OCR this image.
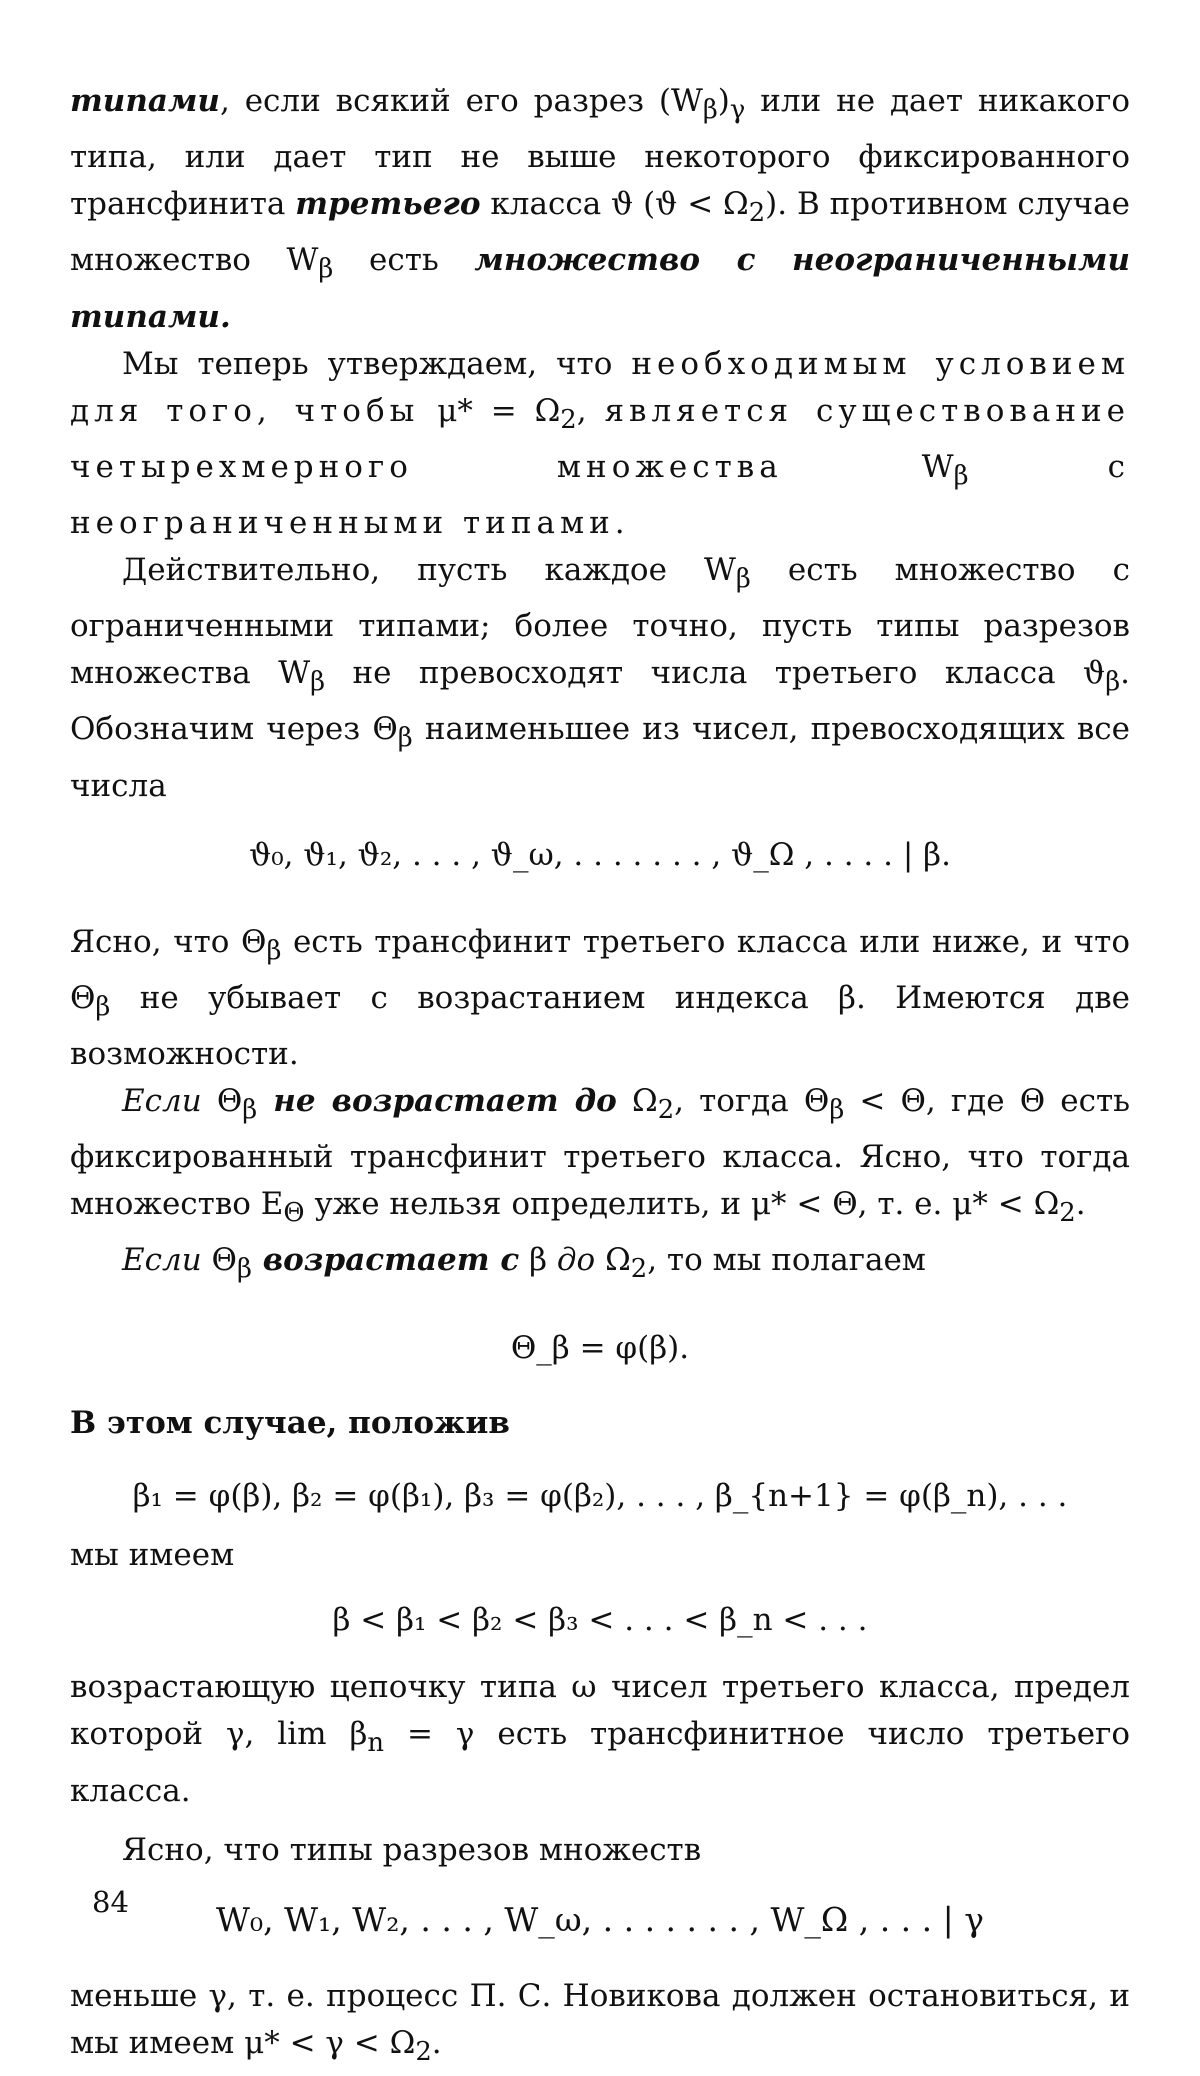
типами, если всякий его разрез $(W_\beta)_\gamma$ или не дает никакого типа, или дает тип не выше некоторого фиксированного трансфинита третьего класса ϑ $(ϑ < \Omega_2)$. В противном случае множество $W_\beta$ есть множество с неограниченными типами.

Мы теперь утверждаем, что необходимым условием для того, чтобы $\mu* = \Omega_2$, является существование четырехмерного множества $W_\beta$	с неограниченными типами.

Действительно, пусть каждое $W_\beta$ есть множество с ограниченными типами; более точно, пусть типы разрезов множества $W_\beta$ не превосходят числа третьего класса $ϑ_\beta$. Обозначим через $\Theta_\beta$ наименьшее из чисел, превосходящих все числа

ϑ₀, ϑ₁, ϑ₂, . . . , ϑ_ω, . . . . . . . , ϑ_Ω , . . . . | β.

Ясно, что $\Theta_\beta$ есть трансфинит третьего класса или ниже, и что $\Theta_\beta$ не убывает с возрастанием индекса β. Имеются две возможности.

Если $\Theta_\beta$ не возрастает до $\Omega_2$, тогда $\Theta_\beta < \Theta$, где Θ есть фиксированный трансфинит третьего класса. Ясно, что тогда множество $E_\Theta$ уже нельзя определить, и μ* < Θ, т. е. $\mu* < \Omega_2$.

Если $\Theta_\beta$ возрастает с β до $\Omega_2$, то мы полагаем

Θ_β = φ(β).

В этом случае, положив

β₁ = φ(β), β₂ = φ(β₁), β₃ = φ(β₂), . . . , β_{n+1} = φ(β_n), . . .

мы имеем

β < β₁ < β₂ < β₃ < . . . < β_n < . . .

возрастающую цепочку типа ω чисел третьего класса, предел которой γ, $\lim \beta_n = \gamma$ есть трансфинитное число третьего класса.

Ясно, что типы разрезов множеств

W₀, W₁, W₂, . . . , W_ω, . . . . . . . , W_Ω , . . . | γ

меньше γ, т. е. процесс П. С. Новикова должен остановиться, и мы имеем $\mu* < \gamma < \Omega_2$.

84
